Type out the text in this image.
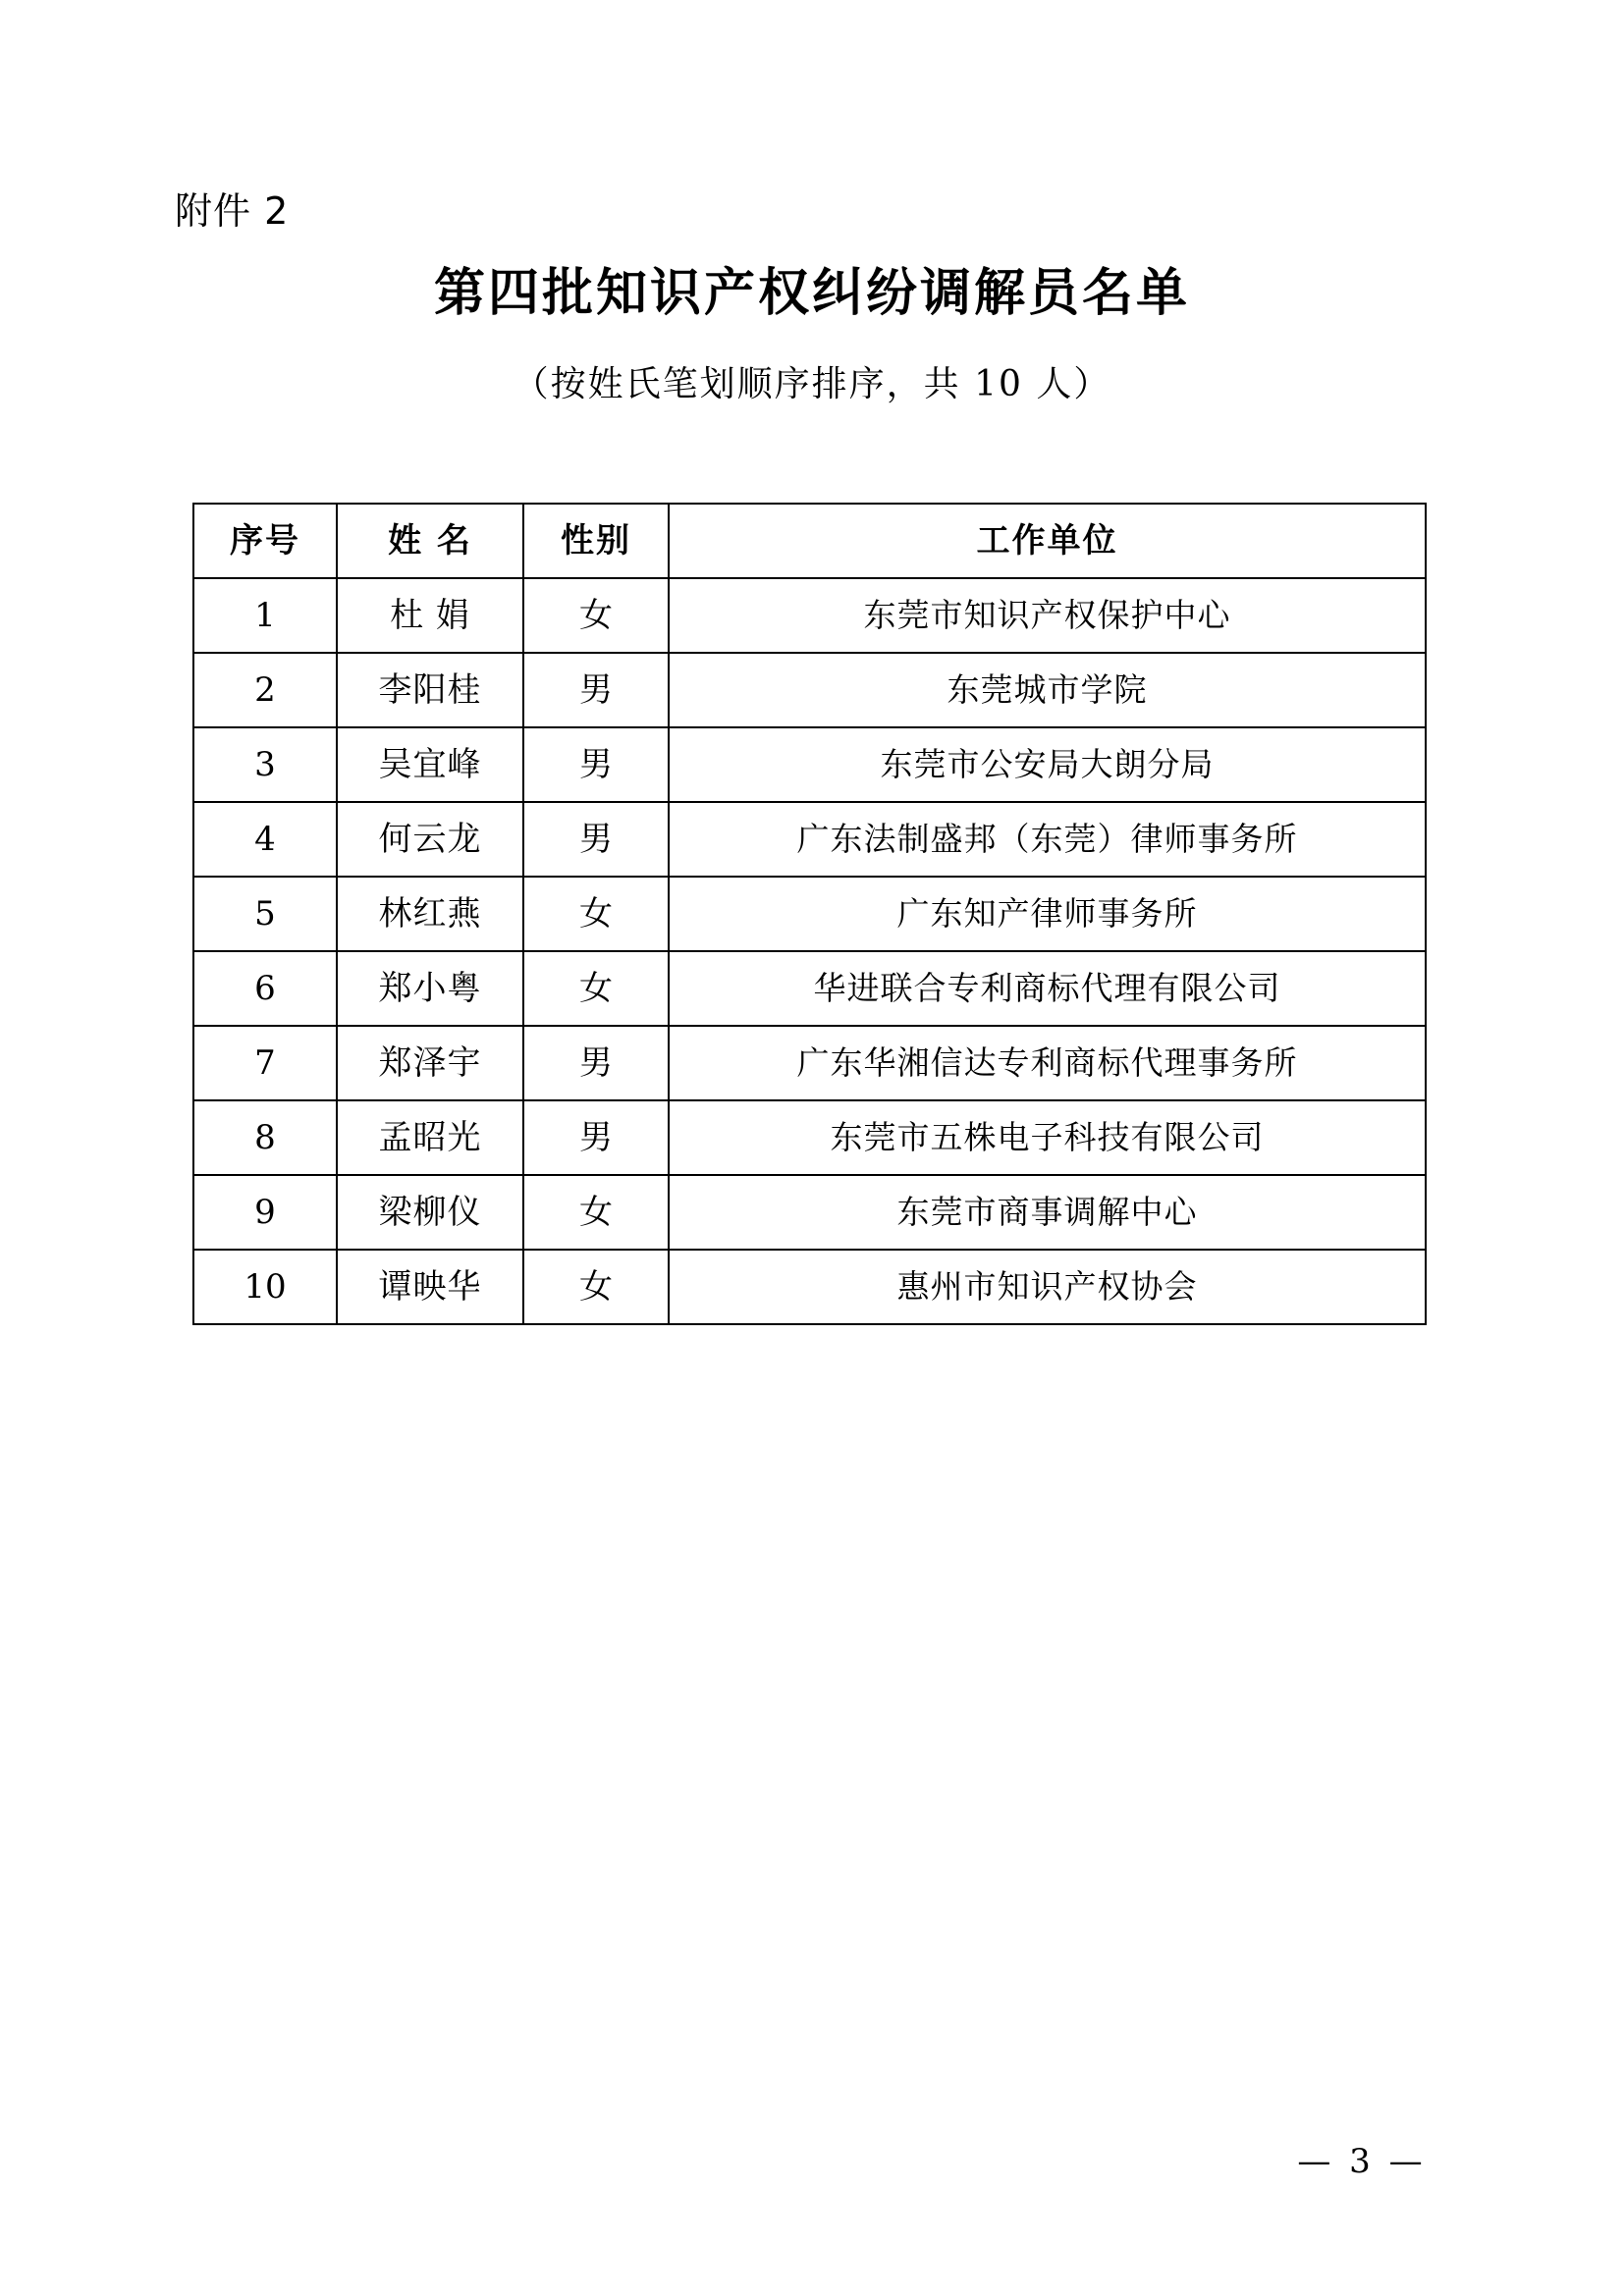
附件 2
第四批知识产权纠纷调解员名单
（按姓氏笔划顺序排序，共 10 人）
序号	姓 名	性别	工作单位
1	杜 娟	女	东莞市知识产权保护中心
2	李阳桂	男	东莞城市学院
3	吴宜峰	男	东莞市公安局大朗分局
4	何云龙	男	广东法制盛邦（东莞）律师事务所
5	林红燕	女	广东知产律师事务所
6	郑小粤	女	华进联合专利商标代理有限公司
7	郑泽宇	男	广东华湘信达专利商标代理事务所
8	孟昭光	男	东莞市五株电子科技有限公司
9	梁柳仪	女	东莞市商事调解中心
10	谭映华	女	惠州市知识产权协会
— 3 —
